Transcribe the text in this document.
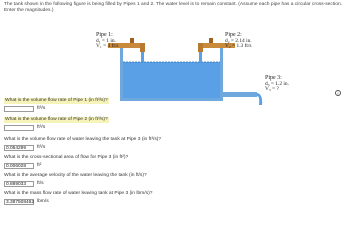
The tank shown in the following figure is being filled by Pipes 1 and 2. The water level is to remain constant. (Assume each pipe has a circular cross-section. Enter the magnitudes.)
Pipe 1:
d₁ = 1 in.
V₁ = 4 ft/s
Pipe 2:
d₂ = 2.14 in.
V₂ = 1.3 ft/s
Pipe 3:
d₃ = 1.2 in.
V₃ = ?
i
What is the volume flow rate of Pipe 1 (in ft³/s)?
ft³/s
What is the volume flow rate of Pipe 2 (in ft³/s)?
ft³/s
What is the volume flow rate of water leaving the tank at Pipe 3 (in ft³/s)?
0.054299	ft³/s
What is the cross-sectional area of flow for Pipe 3 (in ft²)?
0.006028	ft²
What is the average velocity of the water leaving the tank (in ft/s)?
0.889033	ft/s
What is the mass flow rate of water leaving tank at Pipe 3 (in lbm/s)?
3.387508462 lbm/s
